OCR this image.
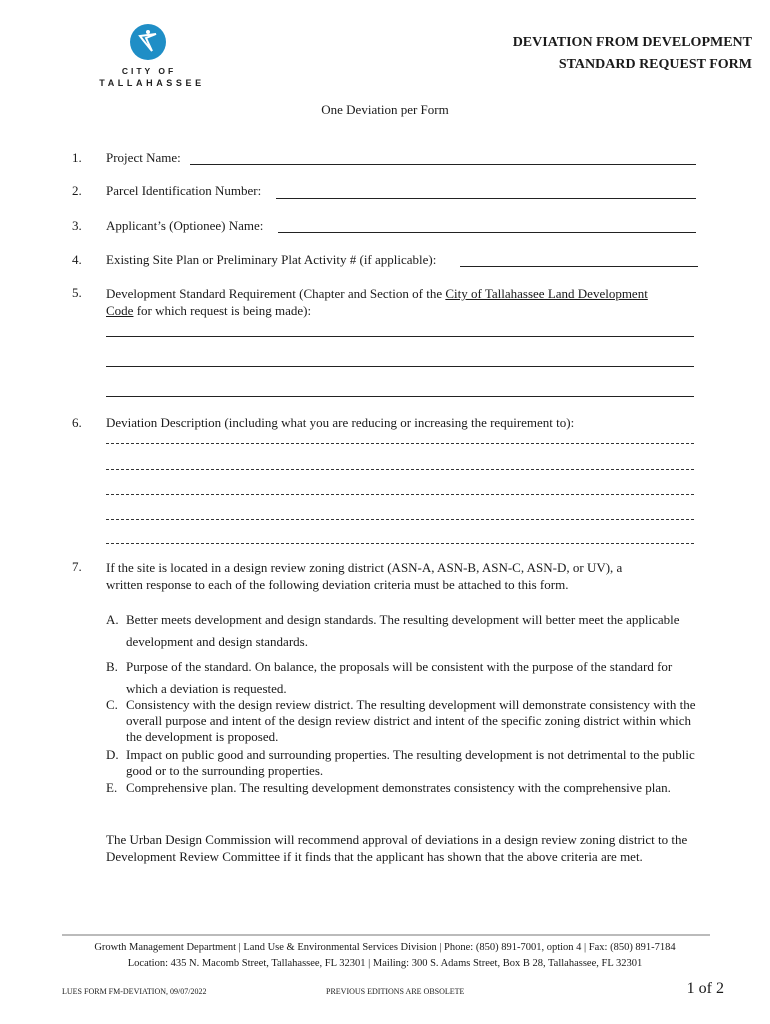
CITY OF
TALLAHASSEE
DEVIATION FROM DEVELOPMENT
STANDARD REQUEST FORM
One Deviation per Form
1. Project Name:
2. Parcel Identification Number:
3. Applicant’s (Optionee) Name:
4. Existing Site Plan or Preliminary Plat Activity # (if applicable):
5. Development Standard Requirement (Chapter and Section of the City of Tallahassee Land Development
Code for which request is being made):
6. Deviation Description (including what you are reducing or increasing the requirement to):
7. If the site is located in a design review zoning district (ASN-A, ASN-B, ASN-C, ASN-D, or UV), a
written response to each of the following deviation criteria must be attached to this form.
A. Better meets development and design standards. The resulting development will better meet the applicable development and design standards.
B. Purpose of the standard. On balance, the proposals will be consistent with the purpose of the standard for which a deviation is requested.
C. Consistency with the design review district. The resulting development will demonstrate consistency with the overall purpose and intent of the design review district and intent of the specific zoning district within which the development is proposed.
D. Impact on public good and surrounding properties. The resulting development is not detrimental to the public good or to the surrounding properties.
E. Comprehensive plan. The resulting development demonstrates consistency with the comprehensive plan.
The Urban Design Commission will recommend approval of deviations in a design review zoning district to the Development Review Committee if it finds that the applicant has shown that the above criteria are met.
Growth Management Department | Land Use & Environmental Services Division | Phone: (850) 891-7001, option 4 | Fax: (850) 891-7184
Location: 435 N. Macomb Street, Tallahassee, FL 32301 | Mailing: 300 S. Adams Street, Box B 28, Tallahassee, FL 32301
LUES FORM FM-DEVIATION, 09/07/2022	PREVIOUS EDITIONS ARE OBSOLETE	1 of 2
